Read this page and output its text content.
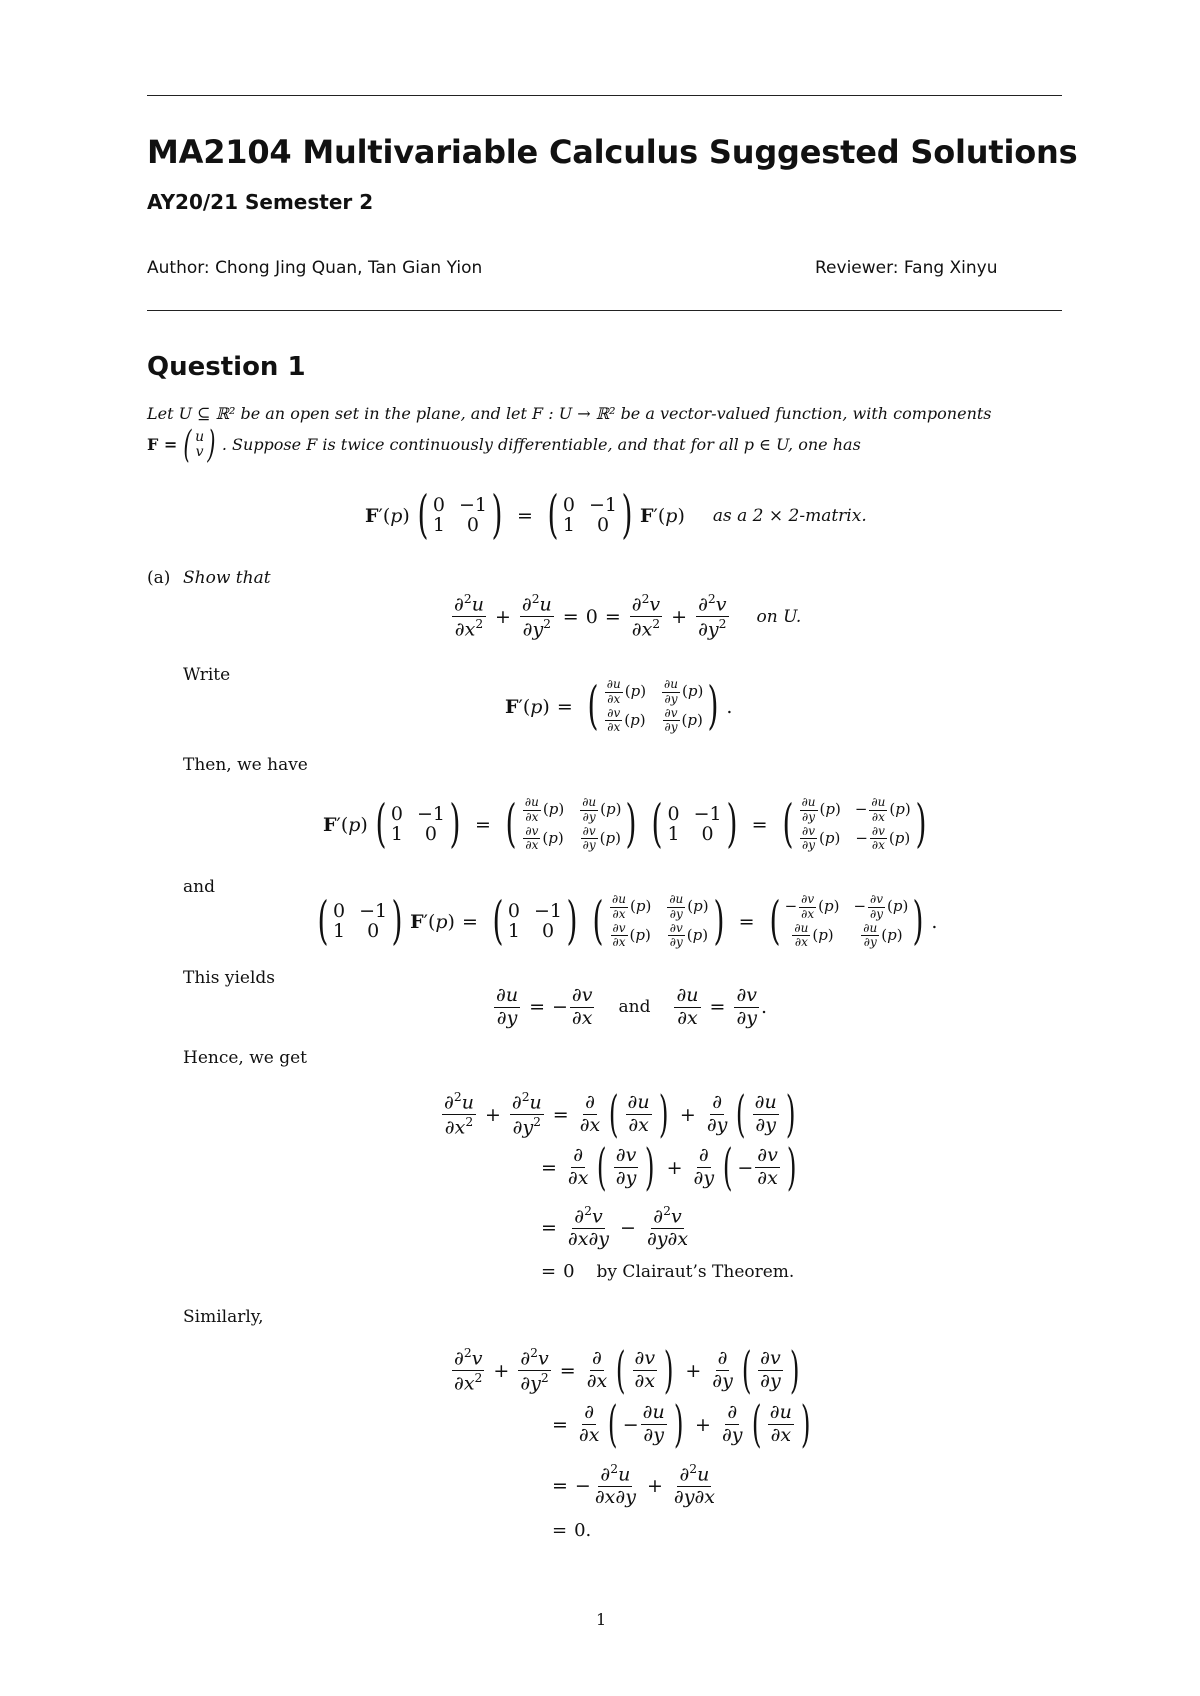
MA2104 Multivariable Calculus Suggested Solutions
AY20/21 Semester 2
Author: Chong Jing Quan, Tan Gian Yion	Reviewer: Fang Xinyu
Question 1
Let U ⊆ ℝ² be an open set in the plane, and let F : U → ℝ² be a vector-valued function, with components
F = ( u
v ) . Suppose F is twice continuously differentiable, and that for all p ∈ U, one has
F′(p) ( 0 −1
1	0 ) = ( 0 −1
1	0 ) F′(p) as a 2 × 2-matrix.
(a) Show that
$\frac{\partial^2u}{\partial x^2} + \frac{\partial^2u}{\partial y^2} = 0 = \frac{\partial^2v}{\partial x^2} + \frac{\partial^2v}{\partial y^2}$ on U.
Write
F′(p) = ( $\frac{\partial u}{\partial x}$ ( p ) $\frac{\partial u}{\partial y}$ ( p )
$\frac{\partial v}{\partial x}$ ( p ) $\frac{\partial v}{\partial y}$ ( p ) ) .
Then, we have
F′(p) ( 0 −1
1	0 ) = ( $\frac{\partial u}{\partial x}$ ( p ) $\frac{\partial u}{\partial y}$ ( p )
$\frac{\partial v}{\partial x}$ ( p ) $\frac{\partial v}{\partial y}$ ( p ) ) ( 0 −1
1	0 ) = ( $\frac{\partial u}{\partial y}$ ( p ) − $\frac{\partial u}{\partial x}$ ( p )
$\frac{\partial v}{\partial y}$ ( p ) − $\frac{\partial v}{\partial x}$ ( p ) )
and
( 0 −1
1	0 ) F′(p) = ( 0 −1
1	0 ) ( $\frac{\partial u}{\partial x}$ ( p ) $\frac{\partial u}{\partial y}$ ( p )
$\frac{\partial v}{\partial x}$ ( p ) $\frac{\partial v}{\partial y}$ ( p ) ) = ( − $\frac{\partial v}{\partial x}$ ( p ) − $\frac{\partial v}{\partial y}$ ( p )
$\frac{\partial u}{\partial x}$ ( p )	$\frac{\partial u}{\partial y}$ ( p ) ) .
This yields
$\frac{\partial u}{\partial y}$ = − $\frac{\partial v}{\partial x}$ and $\frac{\partial u}{\partial x} = \frac{\partial v}{\partial y}$ .
Hence, we get
$\frac{\partial^2u}{\partial x^2} + \frac{\partial^2u}{\partial y^2} = \frac{\partial}{\partial x}$ ( $\frac{\partial u}{\partial x}$ ) + $\frac{\partial}{\partial y}$ ( $\frac{\partial u}{\partial y}$ )
= $\frac{\partial}{\partial x}$ ( $\frac{\partial v}{\partial y}$ ) + $\frac{\partial}{\partial y}$ ( − $\frac{\partial v}{\partial x}$ )
= $\frac{\partial^2v}{\partial x\partial y} - \frac{\partial^2v}{\partial y\partial x}$
= 0 by Clairaut’s Theorem.
Similarly,
$\frac{\partial^2v}{\partial x^2} + \frac{\partial^2v}{\partial y^2} = \frac{\partial}{\partial x}$ ( $\frac{\partial v}{\partial x}$ ) + $\frac{\partial}{\partial y}$ ( $\frac{\partial v}{\partial y}$ )
= $\frac{\partial}{\partial x}$ ( − $\frac{\partial u}{\partial y}$ ) + $\frac{\partial}{\partial y}$ ( $\frac{\partial u}{\partial x}$ )
= − $\frac{\partial^2u}{\partial x\partial y} + \frac{\partial^2u}{\partial y\partial x}$
= 0.
1
